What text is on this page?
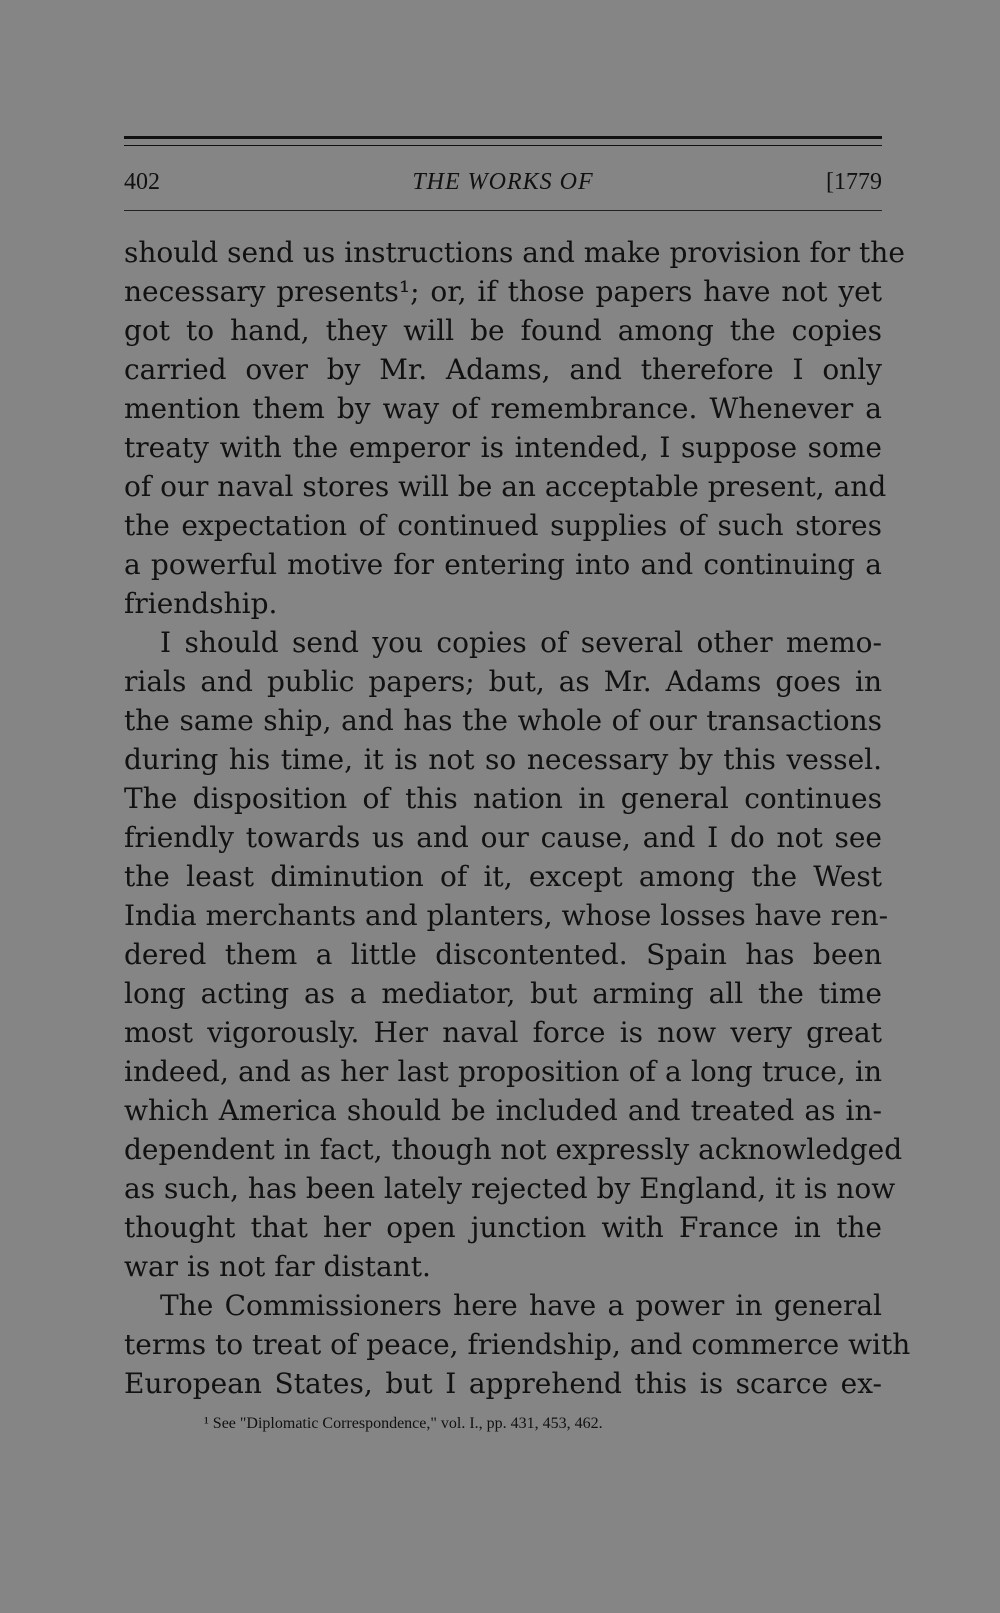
402	THE WORKS OF	[1779
should send us instructions and make provision for the
necessary presents¹; or, if those papers have not yet
got to hand, they will be found among the copies
carried over by Mr. Adams, and therefore I only
mention them by way of remembrance. Whenever a
treaty with the emperor is intended, I suppose some
of our naval stores will be an acceptable present, and
the expectation of continued supplies of such stores
a powerful motive for entering into and continuing a
friendship.
I should send you copies of several other memo-
rials and public papers; but, as Mr. Adams goes in
the same ship, and has the whole of our transactions
during his time, it is not so necessary by this vessel.
The disposition of this nation in general continues
friendly towards us and our cause, and I do not see
the least diminution of it, except among the West
India merchants and planters, whose losses have ren-
dered them a little discontented. Spain has been
long acting as a mediator, but arming all the time
most vigorously. Her naval force is now very great
indeed, and as her last proposition of a long truce, in
which America should be included and treated as in-
dependent in fact, though not expressly acknowledged
as such, has been lately rejected by England, it is now
thought that her open junction with France in the
war is not far distant.
The Commissioners here have a power in general
terms to treat of peace, friendship, and commerce with
European States, but I apprehend this is scarce ex-
¹ See "Diplomatic Correspondence," vol. I., pp. 431, 453, 462.
